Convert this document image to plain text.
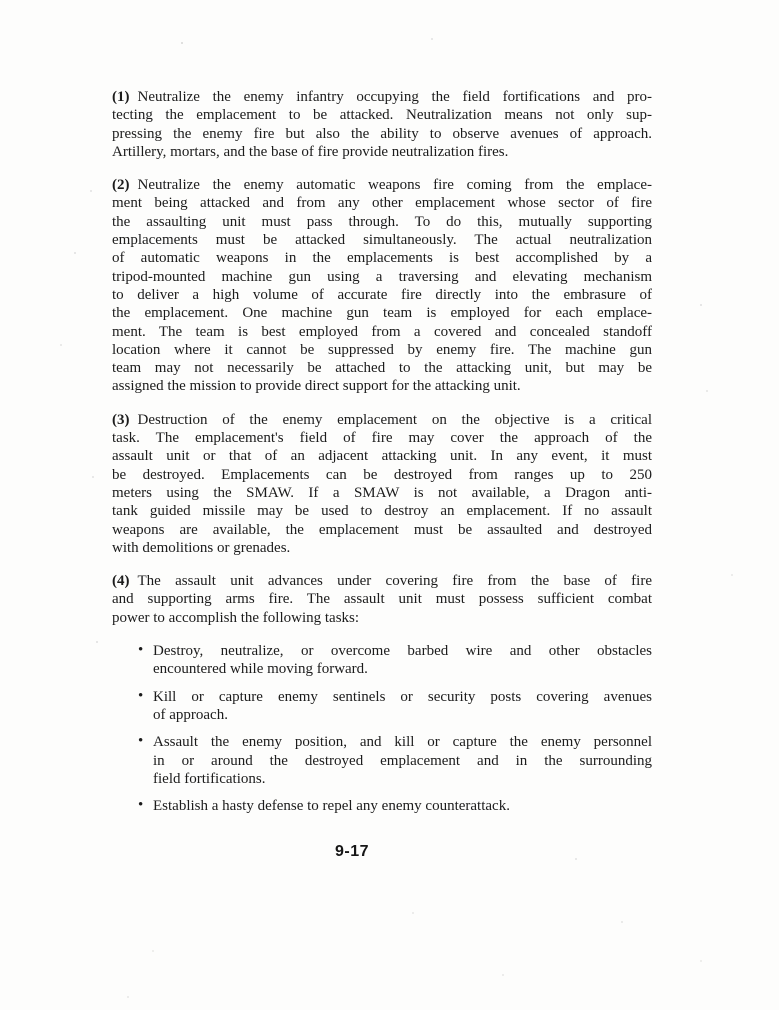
(1) Neutralize the enemy infantry occupying the field fortifications and pro-
tecting the emplacement to be attacked. Neutralization means not only sup-
pressing the enemy fire but also the ability to observe avenues of approach.
Artillery, mortars, and the base of fire provide neutralization fires.
(2) Neutralize the enemy automatic weapons fire coming from the emplace-
ment being attacked and from any other emplacement whose sector of fire
the assaulting unit must pass through. To do this, mutually supporting
emplacements must be attacked simultaneously. The actual neutralization
of automatic weapons in the emplacements is best accomplished by a
tripod-mounted machine gun using a traversing and elevating mechanism
to deliver a high volume of accurate fire directly into the embrasure of
the emplacement. One machine gun team is employed for each emplace-
ment. The team is best employed from a covered and concealed standoff
location where it cannot be suppressed by enemy fire. The machine gun
team may not necessarily be attached to the attacking unit, but may be
assigned the mission to provide direct support for the attacking unit.
(3) Destruction of the enemy emplacement on the objective is a critical
task. The emplacement's field of fire may cover the approach of the
assault unit or that of an adjacent attacking unit. In any event, it must
be destroyed. Emplacements can be destroyed from ranges up to 250
meters using the SMAW. If a SMAW is not available, a Dragon anti-
tank guided missile may be used to destroy an emplacement. If no assault
weapons are available, the emplacement must be assaulted and destroyed
with demolitions or grenades.
(4) The assault unit advances under covering fire from the base of fire
and supporting arms fire. The assault unit must possess sufficient combat
power to accomplish the following tasks:
• Destroy, neutralize, or overcome barbed wire and other obstacles
encountered while moving forward.
• Kill or capture enemy sentinels or security posts covering avenues
of approach.
• Assault the enemy position, and kill or capture the enemy personnel
in or around the destroyed emplacement and in the surrounding
field fortifications.
• Establish a hasty defense to repel any enemy counterattack.
9-17
